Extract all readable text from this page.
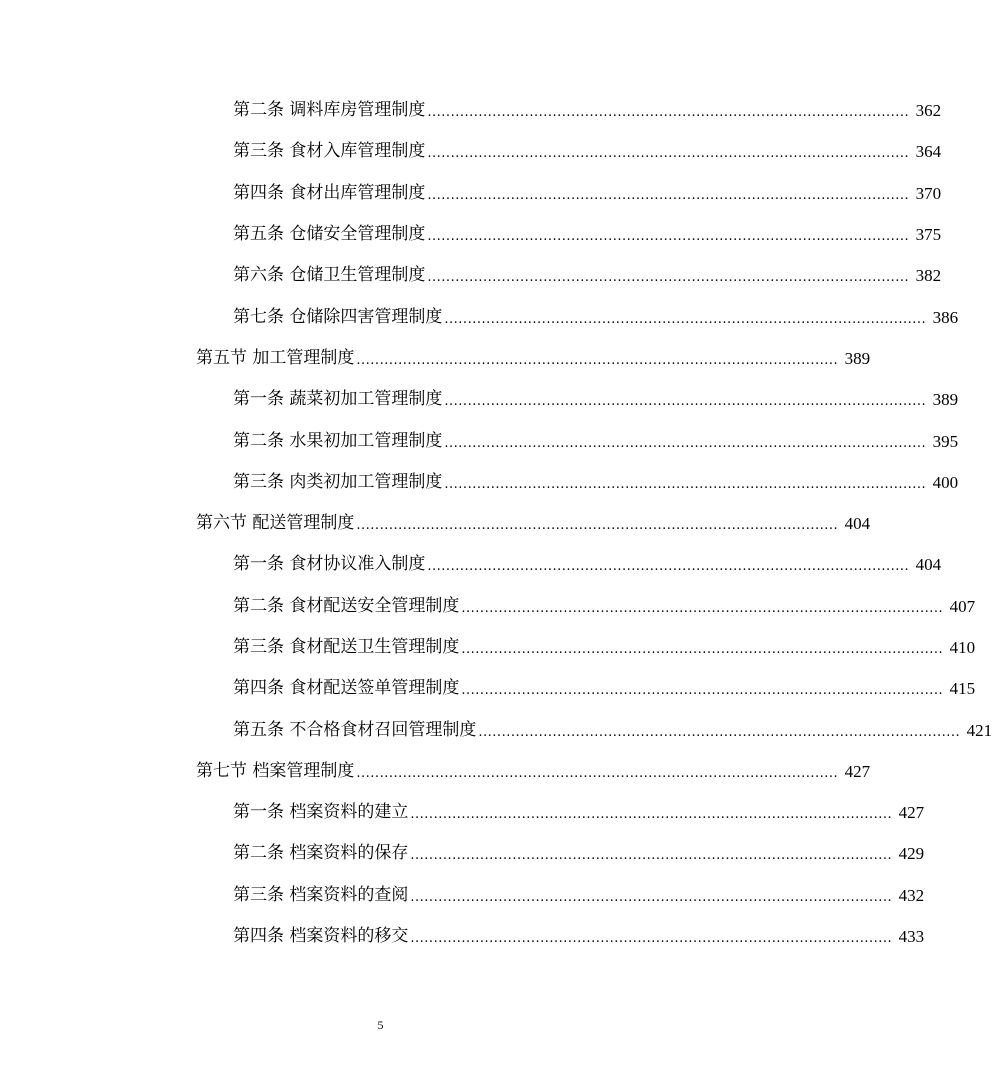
第二条 调料库房管理制度 ........................................................................................................ 362
第三条 食材入库管理制度 ........................................................................................................ 364
第四条 食材出库管理制度 ........................................................................................................ 370
第五条 仓储安全管理制度 ........................................................................................................ 375
第六条 仓储卫生管理制度 ........................................................................................................ 382
第七条 仓储除四害管理制度 ........................................................................................................ 386
第五节 加工管理制度 ........................................................................................................ 389
第一条 蔬菜初加工管理制度 ........................................................................................................ 389
第二条 水果初加工管理制度 ........................................................................................................ 395
第三条 肉类初加工管理制度 ........................................................................................................ 400
第六节 配送管理制度 ........................................................................................................ 404
第一条 食材协议准入制度 ........................................................................................................ 404
第二条 食材配送安全管理制度 ........................................................................................................ 407
第三条 食材配送卫生管理制度 ........................................................................................................ 410
第四条 食材配送签单管理制度 ........................................................................................................ 415
第五条 不合格食材召回管理制度 ........................................................................................................ 421
第七节 档案管理制度 ........................................................................................................ 427
第一条 档案资料的建立 ........................................................................................................ 427
第二条 档案资料的保存 ........................................................................................................ 429
第三条 档案资料的查阅 ........................................................................................................ 432
第四条 档案资料的移交 ........................................................................................................ 433
5
